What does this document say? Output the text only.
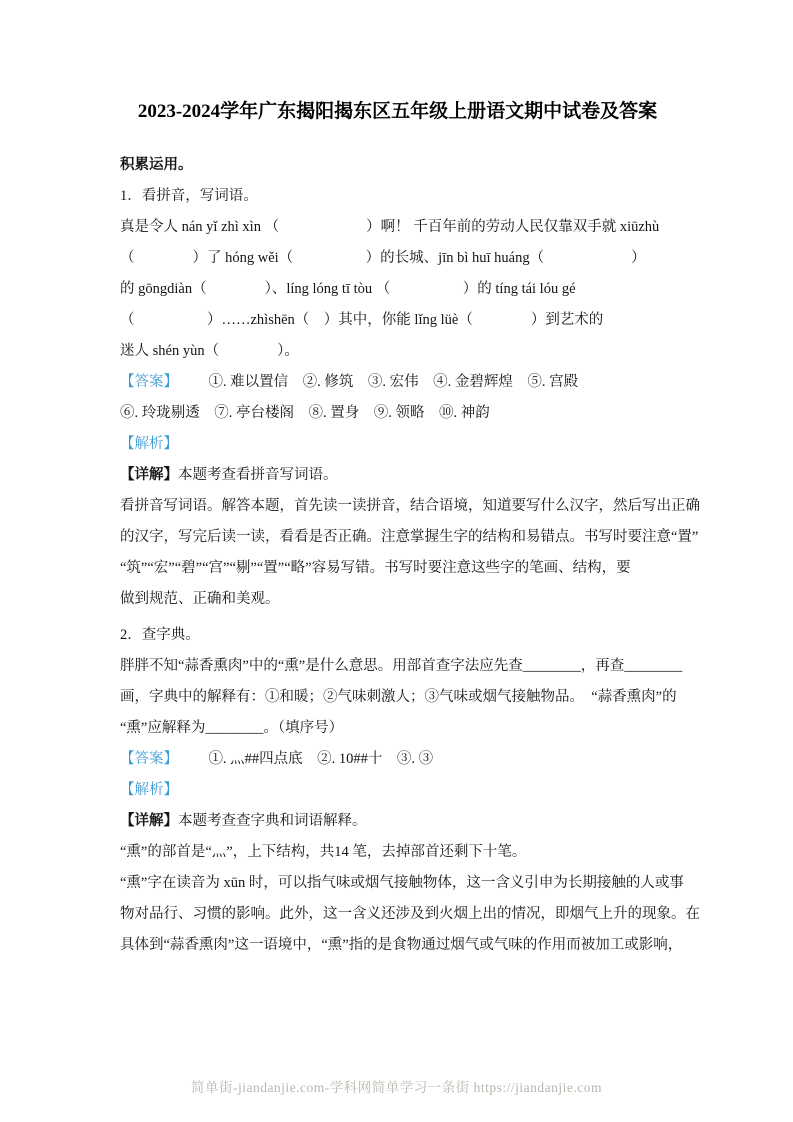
2023-2024学年广东揭阳揭东区五年级上册语文期中试卷及答案

积累运用。

1．看拼音，写词语。

真是令人 nán yǐ zhì xìn （　　　　　　）啊！ 千百年前的劳动人民仅靠双手就 xiūzhù

（　　　　）了 hóng wěi（　　　　　）的长城、jīn bì huī huáng（　　　　　　）

的 gōngdiàn（　　　　）、líng lóng tī tòu （　　　　　）的 tíng tái lóu gé

（　　　　　）……zhìshēn（　）其中，你能 lǐng lüè（　　　　）到艺术的

迷人 shén yùn（　　　　）。

【答案】 ①. 难以置信　②. 修筑　③. 宏伟　④. 金碧辉煌　⑤. 宫殿

⑥. 玲珑剔透　⑦. 亭台楼阁　⑧. 置身　⑨. 领略　⑩. 神韵

【解析】

【详解】本题考查看拼音写词语。

看拼音写词语。解答本题，首先读一读拼音，结合语境，知道要写什么汉字，然后写出正确

的汉字，写完后读一读，看看是否正确。注意掌握生字的结构和易错点。书写时要注意“置”

“筑”“宏”“碧”“宫”“剔”“置”“略”容易写错。书写时要注意这些字的笔画、结构，要

做到规范、正确和美观。

2．查字典。

胖胖不知“蒜香熏肉”中的“熏”是什么意思。用部首查字法应先查________，再查________

画，字典中的解释有：①和暖；②气味刺激人；③气味或烟气接触物品。　“蒜香熏肉”的

“熏”应解释为________。（填序号）

【答案】 ①. 灬##四点底　②. 10##十　③. ③

【解析】

【详解】本题考查查字典和词语解释。

“熏”的部首是“灬”，上下结构，共14 笔，去掉部首还剩下十笔。

“熏”字在读音为 xūn 时，可以指气味或烟气接触物体，这一含义引申为长期接触的人或事

物对品行、习惯的影响。此外，这一含义还涉及到火烟上出的情况，即烟气上升的现象。在

具体到“蒜香熏肉”这一语境中，“熏”指的是食物通过烟气或气味的作用而被加工或影响，

简单街-jiandanjie.com-学科网简单学习一条街 https://jiandanjie.com
